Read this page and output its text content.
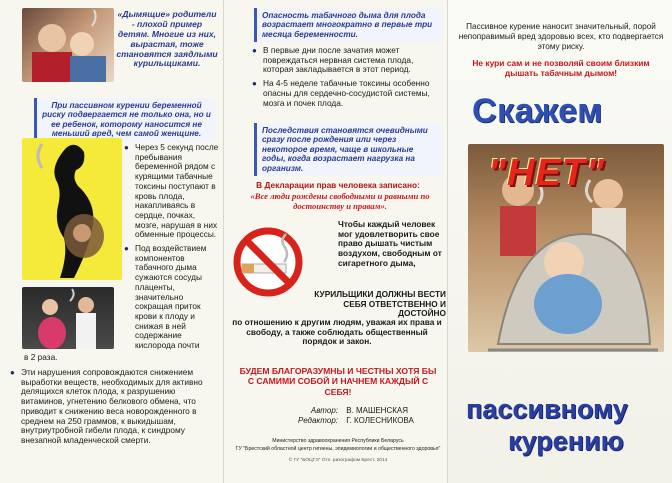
«Дымящие» родители - плохой пример детям. Многие из них, вырастая, тоже становятся заядлыми курильщиками.
При пассивном курении беременной риску подвергается не только она, но и ее ребенок, которому наносится не меньший вред, чем самой женщине.
● Через 5 секунд после пребывания беременной рядом с курящими табачные токсины поступают в кровь плода, накапливаясь в сердце, почках, мозге, нарушая в них обменные процессы.
● Под воздействием компонентов табачного дыма сужаются сосуды плаценты, значительно сокращая приток крови к плоду и снижая в ней содержание кислорода почти
в 2 раза.
● Эти нарушения сопровождаются снижением выработки веществ, необходимых для активно делящихся клеток плода, к разрушению витаминов, угнетению белкового обмена, что приводит к снижению веса новорожденного в среднем на 250 граммов, к выкидышам, внутриутробной гибели плода, к синдрому внезапной младенческой смерти.
Опасность табачного дыма для плода возрастает многократно в первые три месяца беременности.
● В первые дни после зачатия может повреждаться нервная система плода, которая закладывается в этот период.
● На 4-5 неделе табачные токсины особенно опасны для сердечно-сосудистой системы, мозга и почек плода.
Последствия становятся очевидными сразу после рождения или через некоторое время, чаще в школьные годы, когда возрастает нагрузка на организм.
В Декларации прав человека записано:
«Все люди рождены свободными и равными по достоинству и правам».
Чтобы каждый человек мог удовлетворить свое право дышать чистым воздухом, свободным от сигаретного дыма,
КУРИЛЬЩИКИ ДОЛЖНЫ ВЕСТИ СЕБЯ ОТВЕТСТВЕННО И ДОСТОЙНО
по отношению к другим людям, уважая их права и свободу, а также соблюдать общественный порядок и закон.
БУДЕМ БЛАГОРАЗУМНЫ И ЧЕСТНЫ ХОТЯ БЫ С САМИМИ СОБОЙ И НАЧНЕМ КАЖДЫЙ С СЕБЯ!
Автор: В. МАШЕНСКАЯ
Редактор: Г. КОЛЕСНИКОВА
Министерство здравоохранения Республики Беларусь
ГУ "Брестский областной центр гигиены, эпидемиологии и общественного здоровья"
© ГУ "БОЦГЭ" Отп. ризографом Брест, 2014
Пассивное курение наносит значительный, порой непоправимый вред здоровью всех, кто подвергается этому риску.
Не кури сам и не позволяй своим близким дышать табачным дымом!
Скажем
"НЕТ"
пассивному
курению
